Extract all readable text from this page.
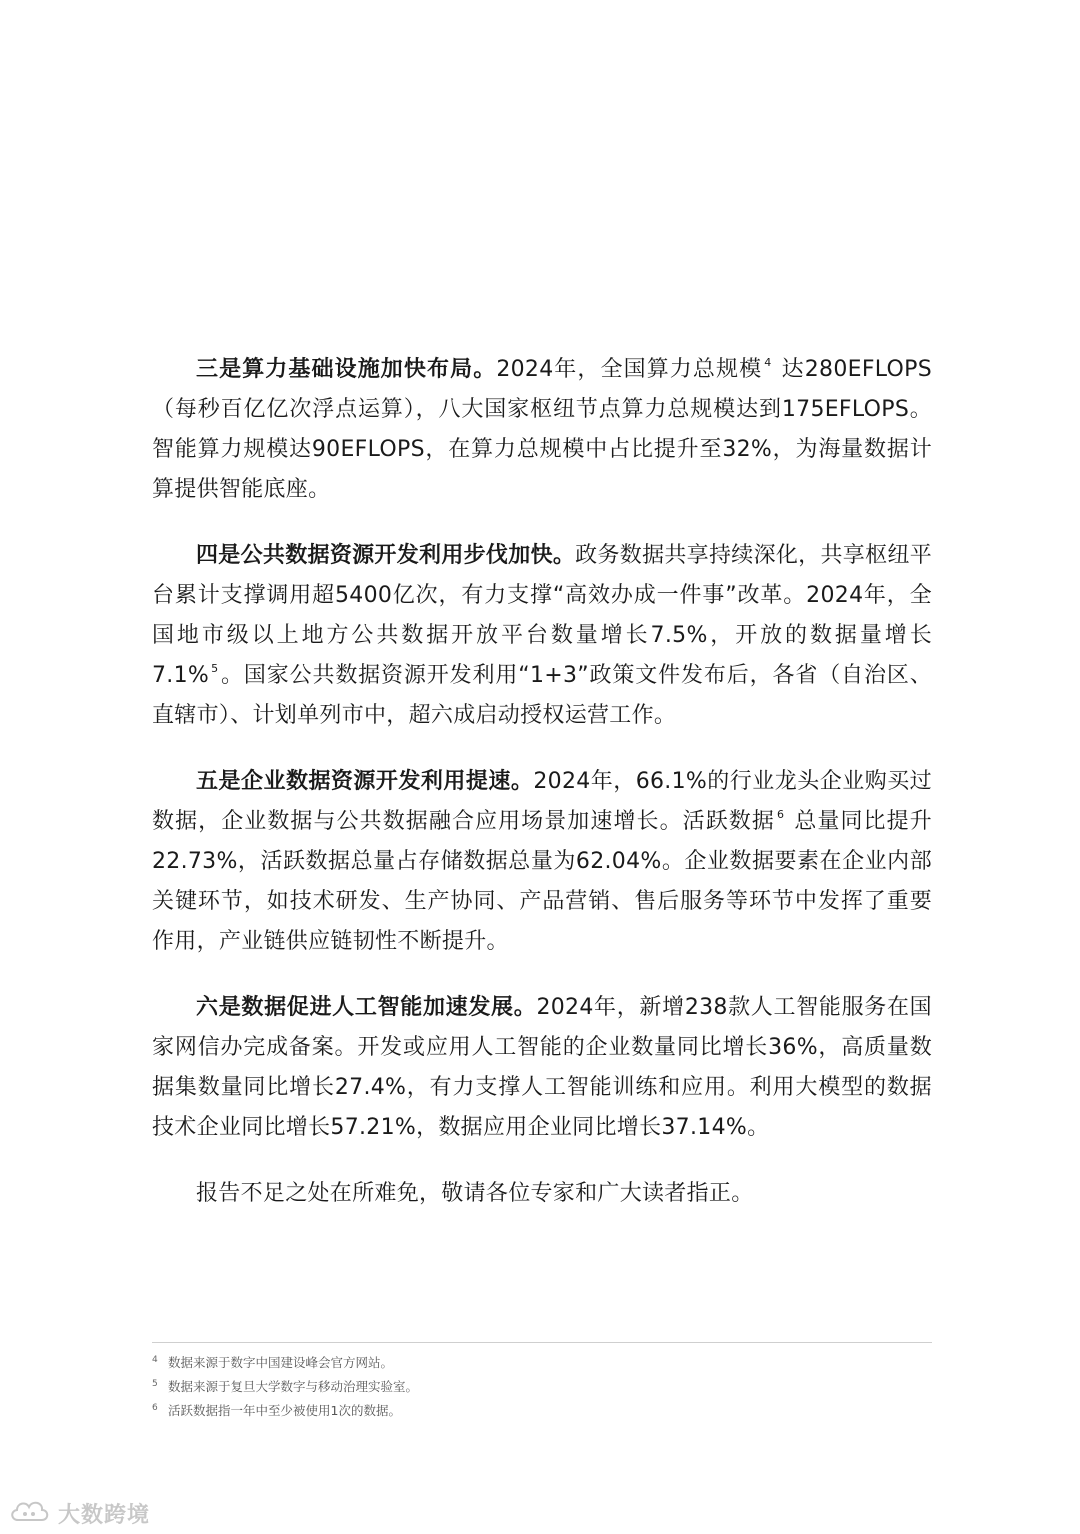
三是算力基础设施加快布局。2024年，全国算力总规模 $^4$ 达280EFLOPS（每秒百亿亿次浮点运算），八大国家枢纽节点算力总规模达到175EFLOPS。智能算力规模达90EFLOPS，在算力总规模中占比提升至32%，为海量数据计算提供智能底座。

四是公共数据资源开发利用步伐加快。政务数据共享持续深化，共享枢纽平台累计支撑调用超5400亿次，有力支撑“高效办成一件事”改革。2024年，全国地市级以上地方公共数据开放平台数量增长7.5%，开放的数据量增长7.1% $^5$。国家公共数据资源开发利用“1+3”政策文件发布后，各省（自治区、直辖市）、计划单列市中，超六成启动授权运营工作。

五是企业数据资源开发利用提速。2024年，66.1%的行业龙头企业购买过数据，企业数据与公共数据融合应用场景加速增长。活跃数据 $^6$ 总量同比提升22.73%，活跃数据总量占存储数据总量为62.04%。企业数据要素在企业内部关键环节，如技术研发、生产协同、产品营销、售后服务等环节中发挥了重要作用，产业链供应链韧性不断提升。

六是数据促进人工智能加速发展。2024年，新增238款人工智能服务在国家网信办完成备案。开发或应用人工智能的企业数量同比增长36%，高质量数据集数量同比增长27.4%，有力支撑人工智能训练和应用。利用大模型的数据技术企业同比增长57.21%，数据应用企业同比增长37.14%。

报告不足之处在所难免，敬请各位专家和广大读者指正。

4 数据来源于数字中国建设峰会官方网站。
5 数据来源于复旦大学数字与移动治理实验室。
6 活跃数据指一年中至少被使用1次的数据。
大数跨境
